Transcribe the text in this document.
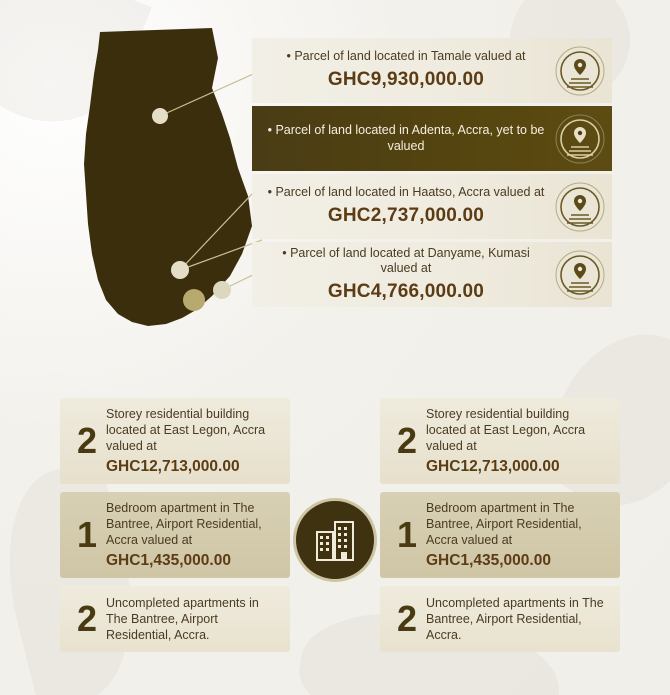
• Parcel of land located in Tamale valued at
GHC9,930,000.00
• Parcel of land located in Adenta, Accra, yet to be valued
• Parcel of land located in Haatso, Accra valued at
GHC2,737,000.00
• Parcel of land located at Danyame, Kumasi valued at
GHC4,766,000.00
2
Storey residential building located at East Legon, Accra valued at
GHC12,713,000.00
1
Bedroom apartment in The Bantree, Airport Residential, Accra valued at
GHC1,435,000.00
2 Uncompleted apartments in The Bantree, Airport Residential, Accra.
2
Storey residential building located at East Legon, Accra valued at
GHC12,713,000.00
1
Bedroom apartment in The Bantree, Airport Residential, Accra valued at
GHC1,435,000.00
2 Uncompleted apartments in The Bantree, Airport Residential, Accra.
